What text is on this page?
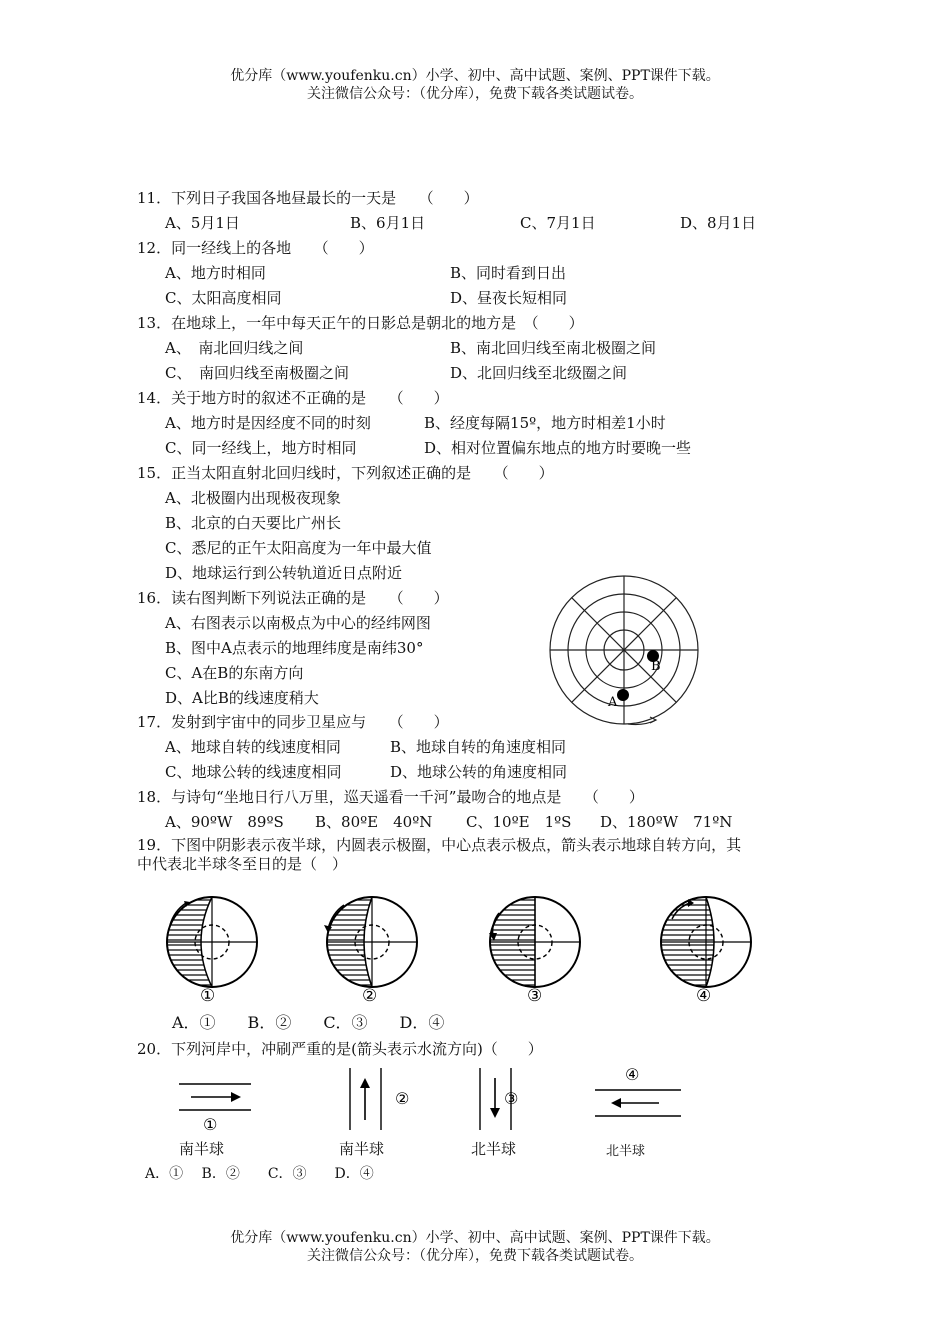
优分库（www.youfenku.cn）小学、初中、高中试题、案例、PPT课件下载。
关注微信公众号：（优分库），免费下载各类试题试卷。
11．下列日子我国各地昼最长的一天是　　（　　）
A、5月1日	B、6月1日	C、7月1日	D、8月1日
12．同一经线上的各地　　（　　）
A、地方时相同	B、同时看到日出
C、太阳高度相同	D、昼夜长短相同
13．在地球上，一年中每天正午的日影总是朝北的地方是　（　　）
A、　南北回归线之间	B、南北回归线至南北极圈之间
C、　南回归线至南极圈之间	D、北回归线至北级圈之间
14．关于地方时的叙述不正确的是　　（　　）
A、地方时是因经度不同的时刻	B、经度每隔15º，地方时相差1小时
C、同一经线上，地方时相同	D、相对位置偏东地点的地方时要晚一些
15．正当太阳直射北回归线时，下列叙述正确的是　　（　　）
A、北极圈内出现极夜现象
B、北京的白天要比广州长
C、悉尼的正午太阳高度为一年中最大值
D、地球运行到公转轨道近日点附近
16．读右图判断下列说法正确的是　　（　　）
A、右图表示以南极点为中心的经纬网图
B、图中A点表示的地理纬度是南纬30°
C、A在B的东南方向
D、A比B的线速度稍大
B
A
17．发射到宇宙中的同步卫星应与　　（　　）
A、地球自转的线速度相同	B、地球自转的角速度相同
C、地球公转的线速度相同	D、地球公转的角速度相同
18．与诗句“坐地日行八万里，巡天遥看一千河”最吻合的地点是　　（　　）
A、90ºW　89ºS B、80ºE　40ºN C、10ºE　1ºS D、180ºW　71ºN
19．下图中阴影表示夜半球，内圆表示极圈，中心点表示极点，箭头表示地球自转方向，其
中代表北半球冬至日的是（　）
①	②	③	④
A．①　　B．②　　C．③　　D．④
20．下列河岸中，冲刷严重的是(箭头表示水流方向)（　　）
①
南半球
②
南半球
③
北半球
④
北半球
A．①　 B．②　　C．③　　D．④
优分库（www.youfenku.cn）小学、初中、高中试题、案例、PPT课件下载。
关注微信公众号：（优分库），免费下载各类试题试卷。
